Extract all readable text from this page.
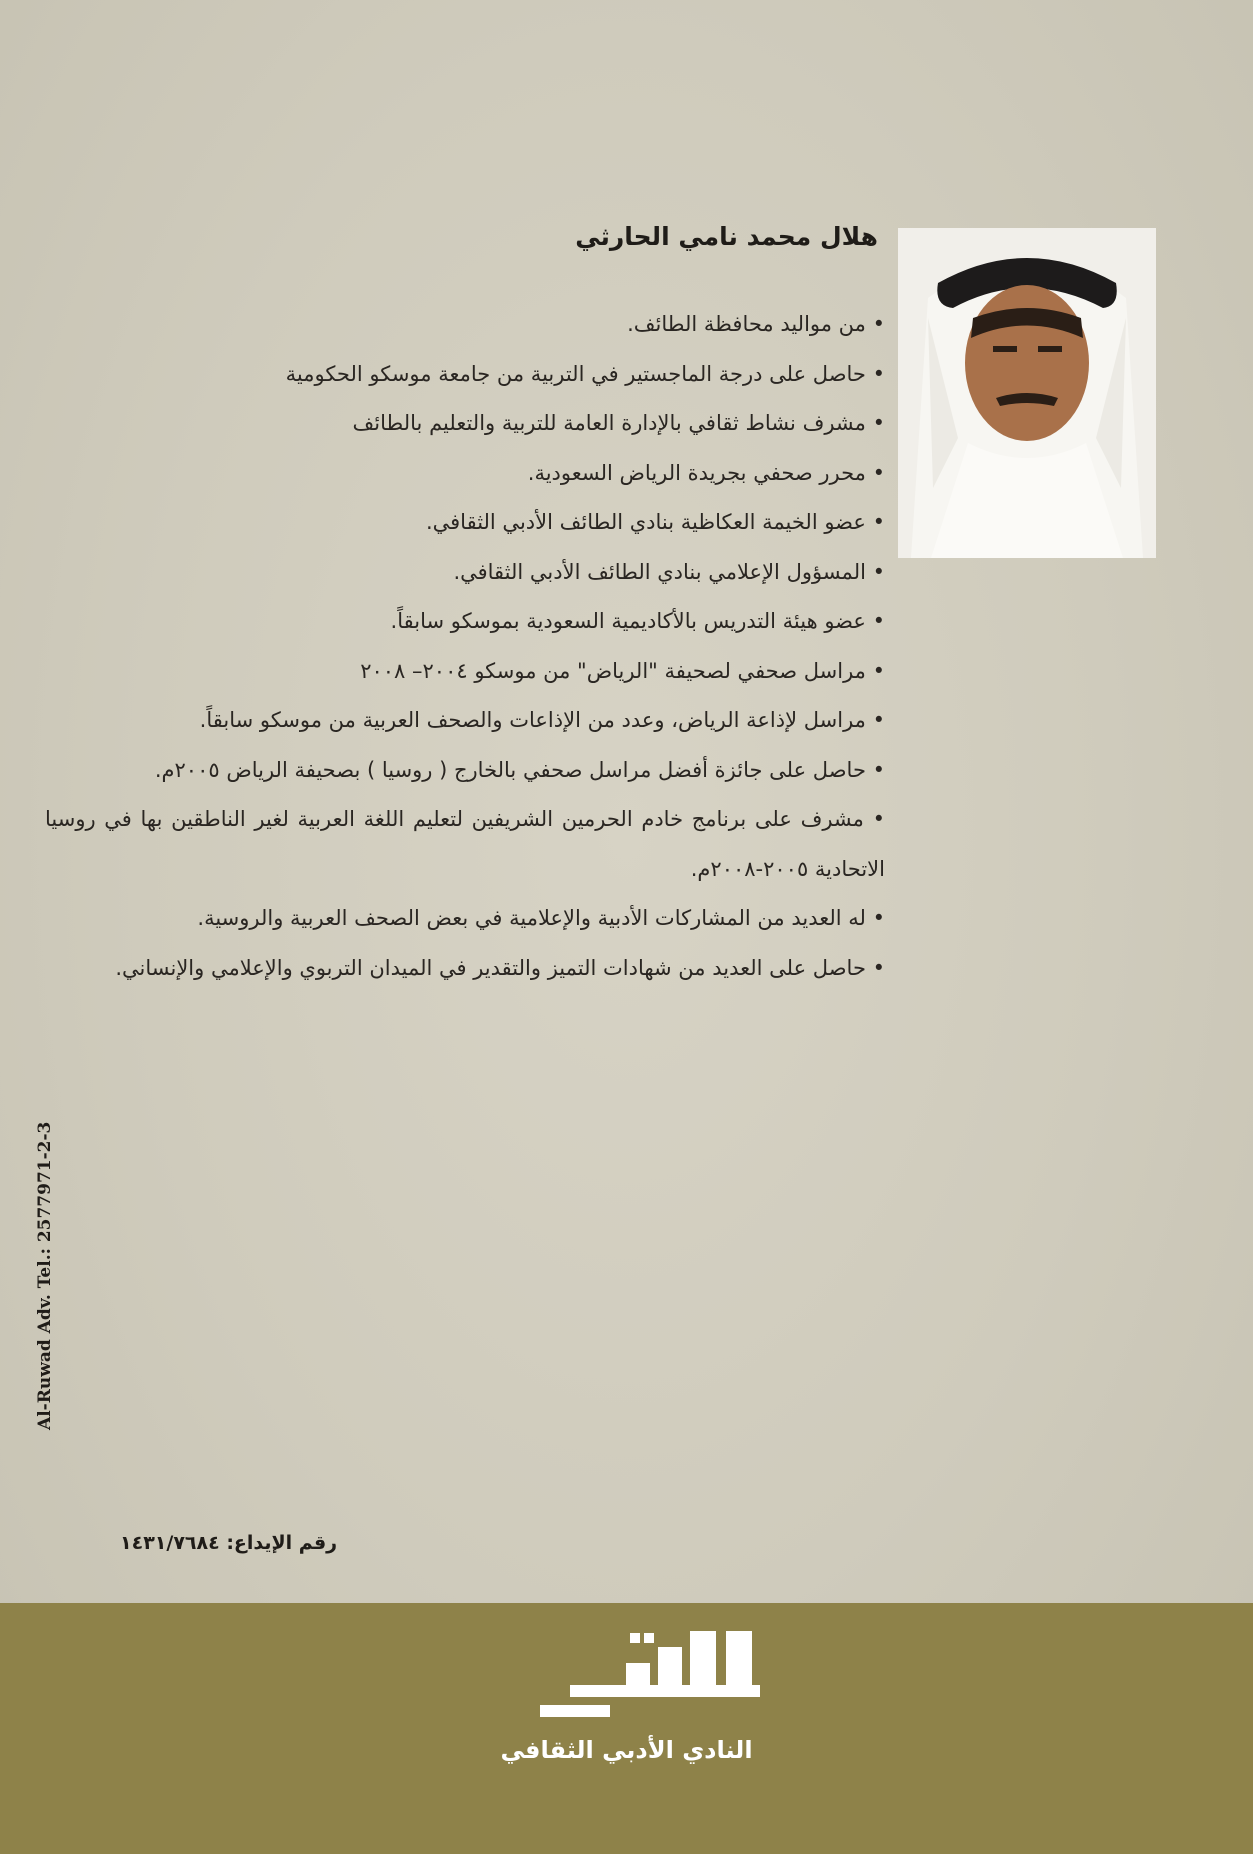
هلال محمد نامي الحارثي
• من مواليد محافظة الطائف.
• حاصل على درجة الماجستير في التربية من جامعة موسكو الحكومية
• مشرف نشاط ثقافي بالإدارة العامة للتربية والتعليم بالطائف
• محرر صحفي بجريدة الرياض السعودية.
• عضو الخيمة العكاظية بنادي الطائف الأدبي الثقافي.
• المسؤول الإعلامي بنادي الطائف الأدبي الثقافي.
• عضو هيئة التدريس بالأكاديمية السعودية بموسكو سابقاً.
• مراسل صحفي لصحيفة "الرياض" من موسكو ٢٠٠٤– ٢٠٠٨
• مراسل لإذاعة الرياض، وعدد من الإذاعات والصحف العربية من موسكو سابقاً.
• حاصل على جائزة أفضل مراسل صحفي بالخارج ( روسيا ) بصحيفة الرياض ٢٠٠٥م.
• مشرف على برنامج خادم الحرمين الشريفين لتعليم اللغة العربية لغير الناطقين بها في روسيا الاتحادية ٢٠٠٥-٢٠٠٨م.
• له العديد من المشاركات الأدبية والإعلامية في بعض الصحف العربية والروسية.
• حاصل على العديد من شهادات التميز والتقدير في الميدان التربوي والإعلامي والإنساني.
Al-Ruwad Adv. Tel.: 2577971-2-3
رقم الإيداع: ١٤٣١/٧٦٨٤
النادي الأدبي الثقافي
